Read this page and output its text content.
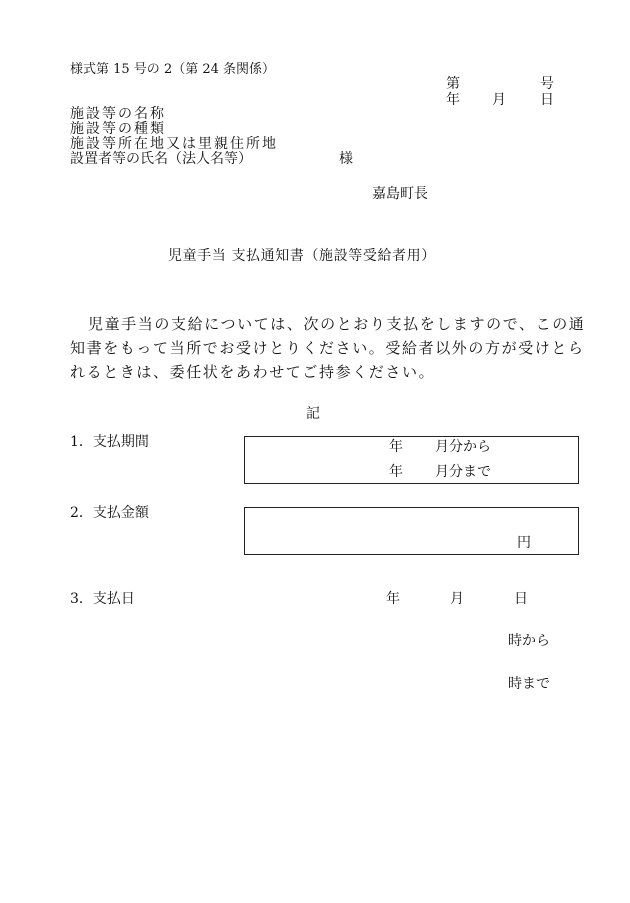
様式第 15 号の 2（第 24 条関係）
第	号
年 月 日
施設等の名称
施設等の種類
施設等所在地又は里親住所地
設置者等の氏名（法人名等）	様
嘉島町長
児童手当 支払通知書（施設等受給者用）
児童手当の支給については、次のとおり支払をしますので、この通
知書をもって当所でお受けとりください。受給者以外の方が受けとら
れるときは、委任状をあわせてご持参ください。
記
1．支払期間	年 月分から
年 月分まで
2．支払金額
円
3．支払日	年	月	日
時から
時まで
